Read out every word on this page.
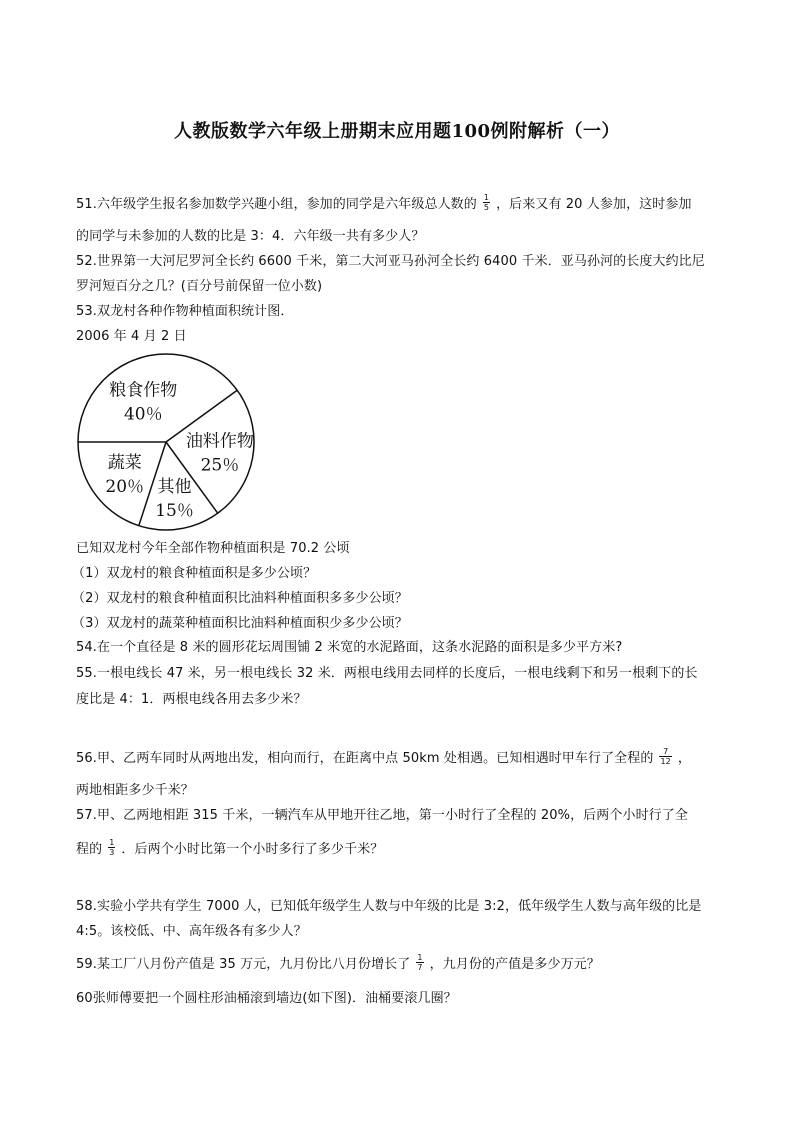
人教版数学六年级上册期末应用题100例附解析（一）
51.六年级学生报名参加数学兴趣小组，参加的同学是六年级总人数的 $\frac{1}{5}$ ，后来又有 20 人参加，这时参加
的同学与未参加的人数的比是 3：4．六年级一共有多少人？
52.世界第一大河尼罗河全长约 6600 千米，第二大河亚马孙河全长约 6400 千米．亚马孙河的长度大约比尼
罗河短百分之几？(百分号前保留一位小数)
53.双龙村各种作物种植面积统计图．
2006 年 4 月 2 日
粮食作物
40％
油料作物
25％
其他
15％
蔬菜
20％
已知双龙村今年全部作物种植面积是 70.2 公顷
（1）双龙村的粮食种植面积是多少公顷？
（2）双龙村的粮食种植面积比油料种植面积多多少公顷？
（3）双龙村的蔬菜种植面积比油料种植面积少多少公顷？
54.在一个直径是 8 米的圆形花坛周围铺 2 米宽的水泥路面，这条水泥路的面积是多少平方米?
55.一根电线长 47 米，另一根电线长 32 米．两根电线用去同样的长度后，一根电线剩下和另一根剩下的长
度比是 4：1．两根电线各用去多少米？
56.甲、乙两车同时从两地出发，相向而行，在距离中点 50km 处相遇。已知相遇时甲车行了全程的 $\frac{7}{12}$ ，
两地相距多少千米？
57.甲、乙两地相距 315 千米，一辆汽车从甲地开往乙地，第一小时行了全程的 20%，后两个小时行了全
程的 $\frac{1}{3}$ ．后两个小时比第一个小时多行了多少千米？
58.实验小学共有学生 7000 人，已知低年级学生人数与中年级的比是 3:2，低年级学生人数与高年级的比是
4:5。该校低、中、高年级各有多少人？
59.某工厂八月份产值是 35 万元，九月份比八月份增长了 $\frac{1}{7}$ ，九月份的产值是多少万元？
60张师傅要把一个圆柱形油桶滚到墙边(如下图)．油桶要滚几圈？
